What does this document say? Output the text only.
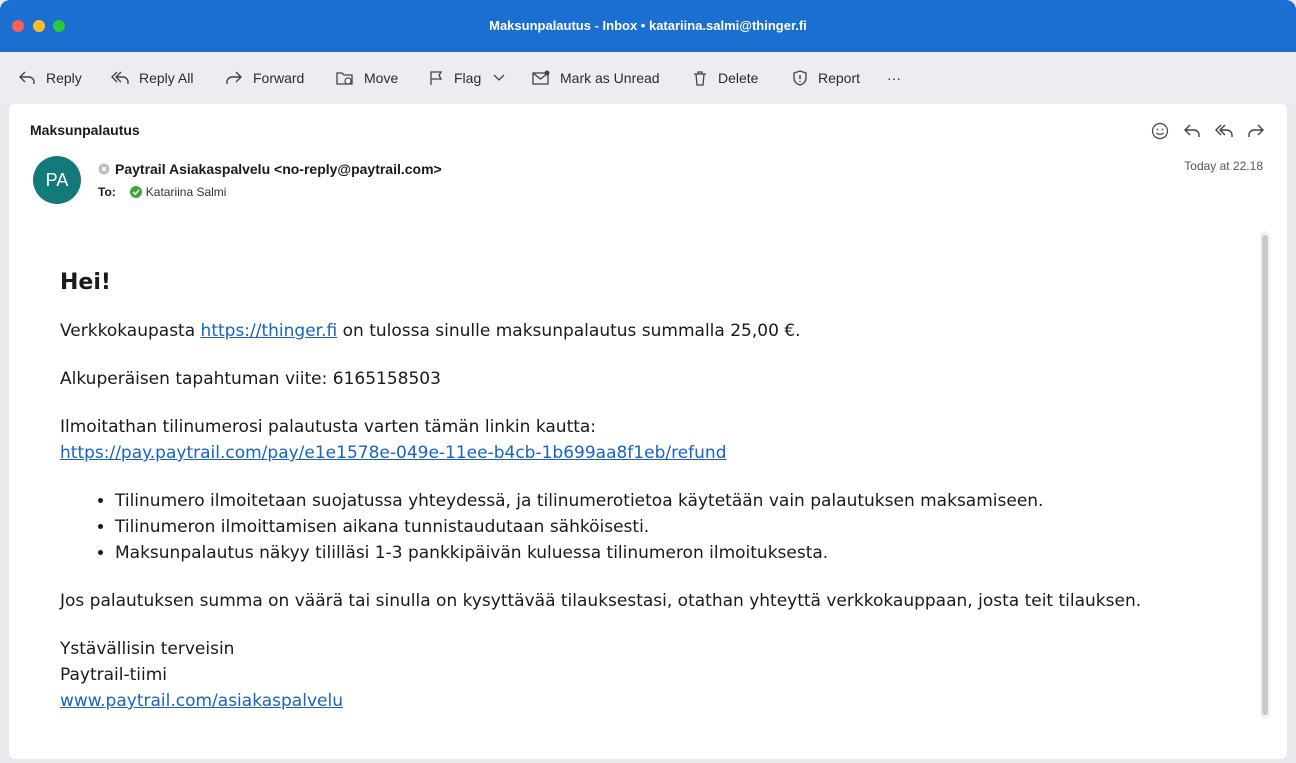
Maksunpalautus - Inbox • katariina.salmi@thinger.fi
Reply	Reply All	Forward	Move	Flag	Mark as Unread	Delete	Report ···
Maksunpalautus
PA
Paytrail Asiakaspalvelu <no-reply@paytrail.com>
To:	Katariina Salmi
Today at 22.18
Hei!

Verkkokaupasta https://thinger.fi on tulossa sinulle maksunpalautus summalla 25,00 €.

Alkuperäisen tapahtuman viite: 6165158503

Ilmoitathan tilinumerosi palautusta varten tämän linkin kautta:
https://pay.paytrail.com/pay/e1e1578e-049e-11ee-b4cb-1b699aa8f1eb/refund

• Tilinumero ilmoitetaan suojatussa yhteydessä, ja tilinumerotietoa käytetään vain palautuksen maksamiseen.
• Tilinumeron ilmoittamisen aikana tunnistaudutaan sähköisesti.
• Maksunpalautus näkyy tililläsi 1-3 pankkipäivän kuluessa tilinumeron ilmoituksesta.

Jos palautuksen summa on väärä tai sinulla on kysyttävää tilauksestasi, otathan yhteyttä verkkokauppaan, josta teit tilauksen.

Ystävällisin terveisin
Paytrail-tiimi
www.paytrail.com/asiakaspalvelu
